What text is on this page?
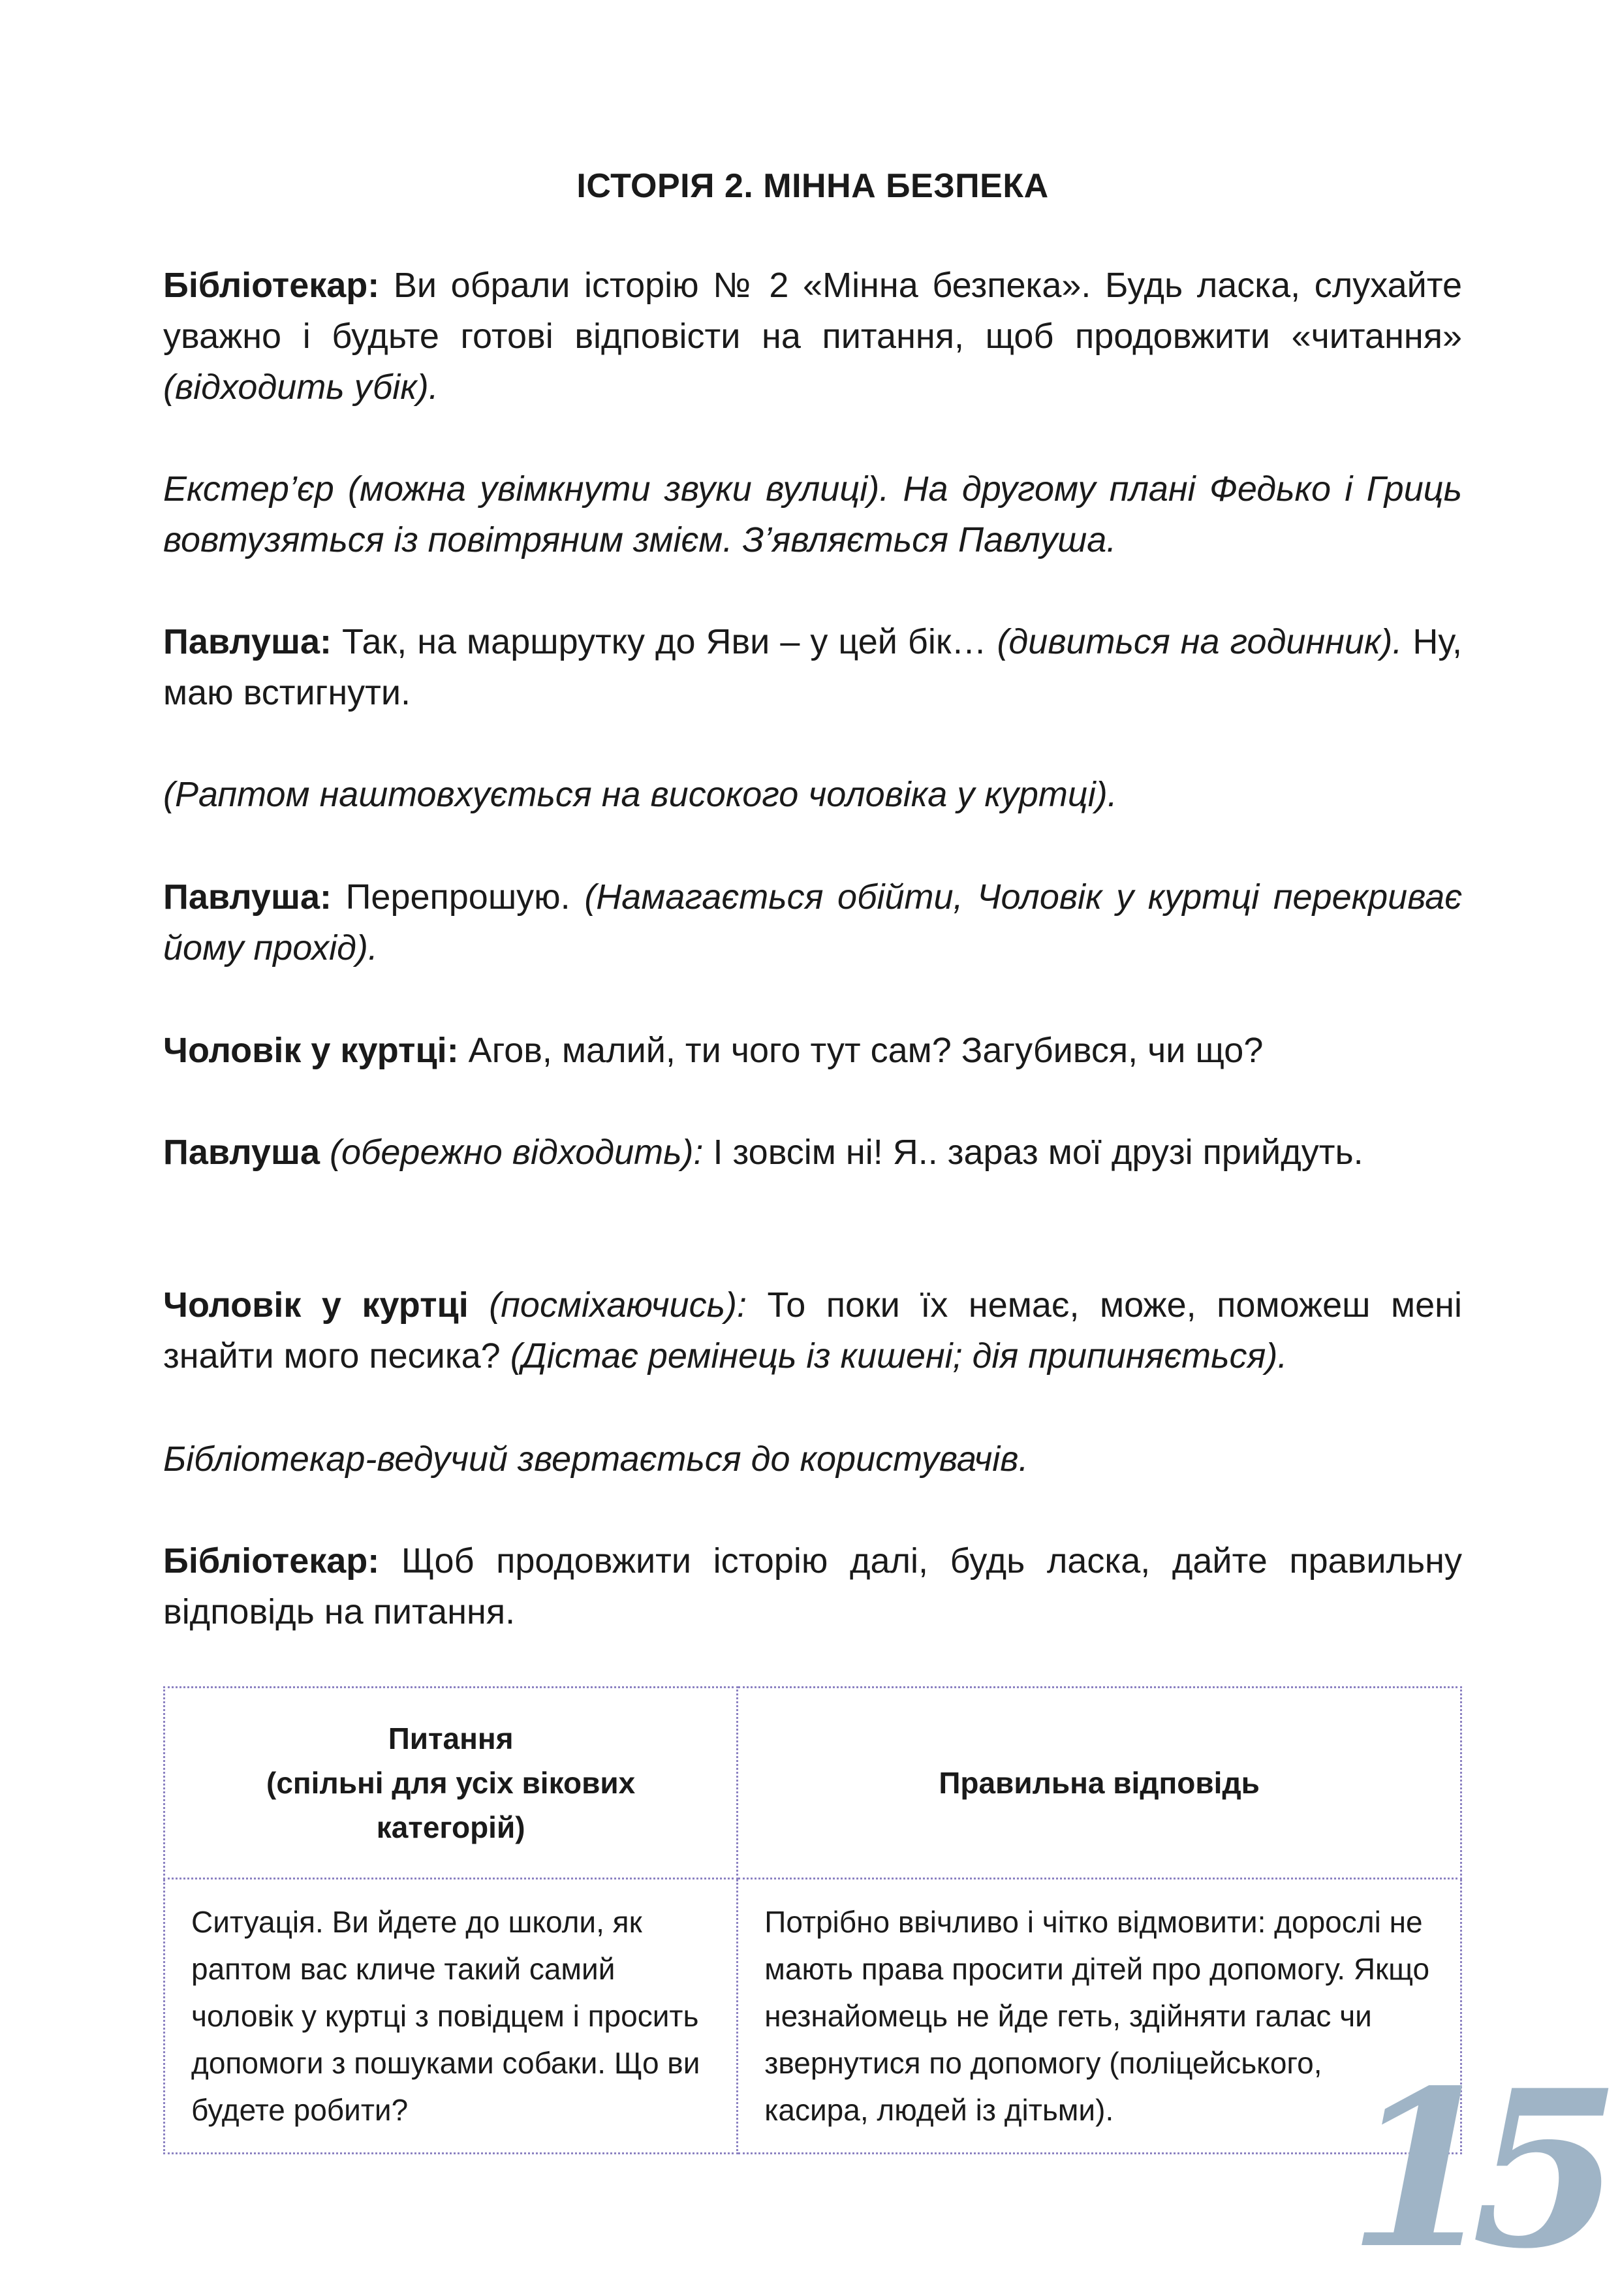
ІСТОРІЯ 2. МІННА БЕЗПЕКА
Бібліотекар: Ви обрали історію № 2 «Мінна безпека». Будь ласка, слухайте уважно і будьте готові відповісти на питання, щоб продовжити «читання» (відходить убік).
Екстер’єр (можна увімкнути звуки вулиці). На другому плані Федько і Гриць вовтузяться із повітряним змієм. З’являється Павлуша.
Павлуша: Так, на маршрутку до Яви – у цей бік… (дивиться на годинник). Ну, маю встигнути.
(Раптом наштовхується на високого чоловіка у куртці).
Павлуша: Перепрошую. (Намагається обійти, Чоловік у куртці перекриває йому прохід).
Чоловік у куртці: Агов, малий, ти чого тут сам? Загубився, чи що?
Павлуша (обережно відходить): І зовсім ні! Я.. зараз мої друзі прийдуть.
Чоловік у куртці (посміхаючись): То поки їх немає, може, поможеш мені знайти мого песика? (Дістає ремінець із кишені; дія припиняється).
Бібліотекар-ведучий звертається до користувачів.
Бібліотекар: Щоб продовжити історію далі, будь ласка, дайте правильну відповідь на питання.
Питання
(спільні для усіх вікових категорій)	Правильна відповідь
Ситуація. Ви йдете до школи, як раптом вас кличе такий самий чоловік у куртці з повідцем і просить допомоги з пошуками собаки. Що ви будете робити?	Потрібно ввічливо і чітко відмовити: дорослі не мають права просити дітей про допомогу. Якщо незнайомець не йде геть, здійняти галас чи звернутися по допомогу (поліцейського, касира, людей із дітьми). 15
